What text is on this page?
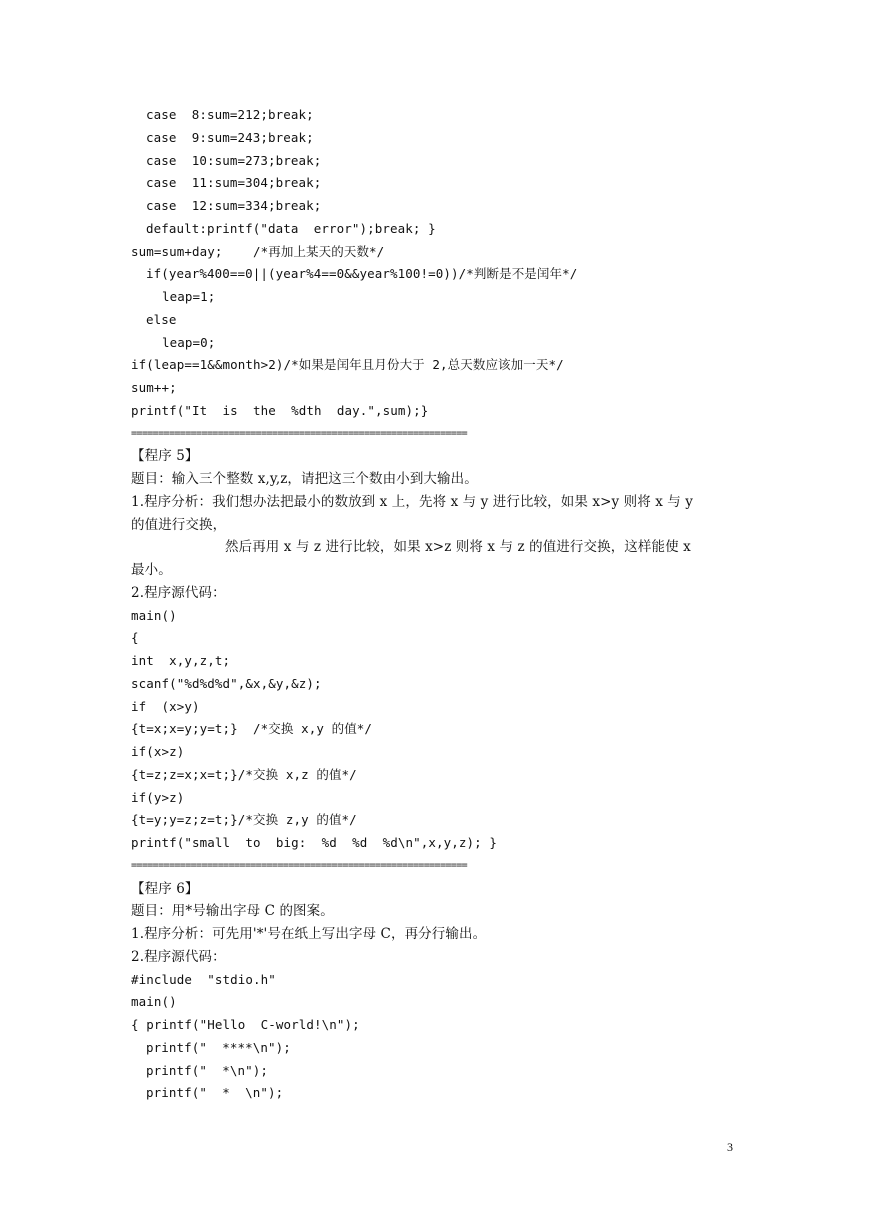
case  8:sum=212;break;
case  9:sum=243;break;
case  10:sum=273;break;
case  11:sum=304;break;
case  12:sum=334;break;
default:printf("data  error");break; }
sum=sum+day;    /*再加上某天的天数*/
if(year%400==0||(year%4==0&&year%100!=0))/*判断是不是闰年*/
leap=1;
else
leap=0;
if(leap==1&&month>2)/*如果是闰年且月份大于 2,总天数应该加一天*/
sum++;
printf("It  is  the  %dth  day.",sum);}
==============================================================
【程序 5】
题目：输入三个整数 x,y,z，请把这三个数由小到大输出。
1.程序分析：我们想办法把最小的数放到 x 上，先将 x 与 y 进行比较，如果 x>y 则将 x 与 y
的值进行交换，
然后再用 x 与 z 进行比较，如果 x>z 则将 x 与 z 的值进行交换，这样能使 x
最小。
2.程序源代码：
main()
{
int  x,y,z,t;
scanf("%d%d%d",&x,&y,&z);
if  (x>y)
{t=x;x=y;y=t;}  /*交换 x,y 的值*/
if(x>z)
{t=z;z=x;x=t;}/*交换 x,z 的值*/
if(y>z)
{t=y;y=z;z=t;}/*交换 z,y 的值*/
printf("small  to  big:  %d  %d  %d\n",x,y,z); }
==============================================================
【程序 6】
题目：用*号输出字母 C 的图案。
1.程序分析：可先用'*'号在纸上写出字母 C，再分行输出。
2.程序源代码：
#include  "stdio.h"
main()
{ printf("Hello  C-world!\n");
printf("  ****\n");
printf("  *\n");
printf("  *  \n");
3
